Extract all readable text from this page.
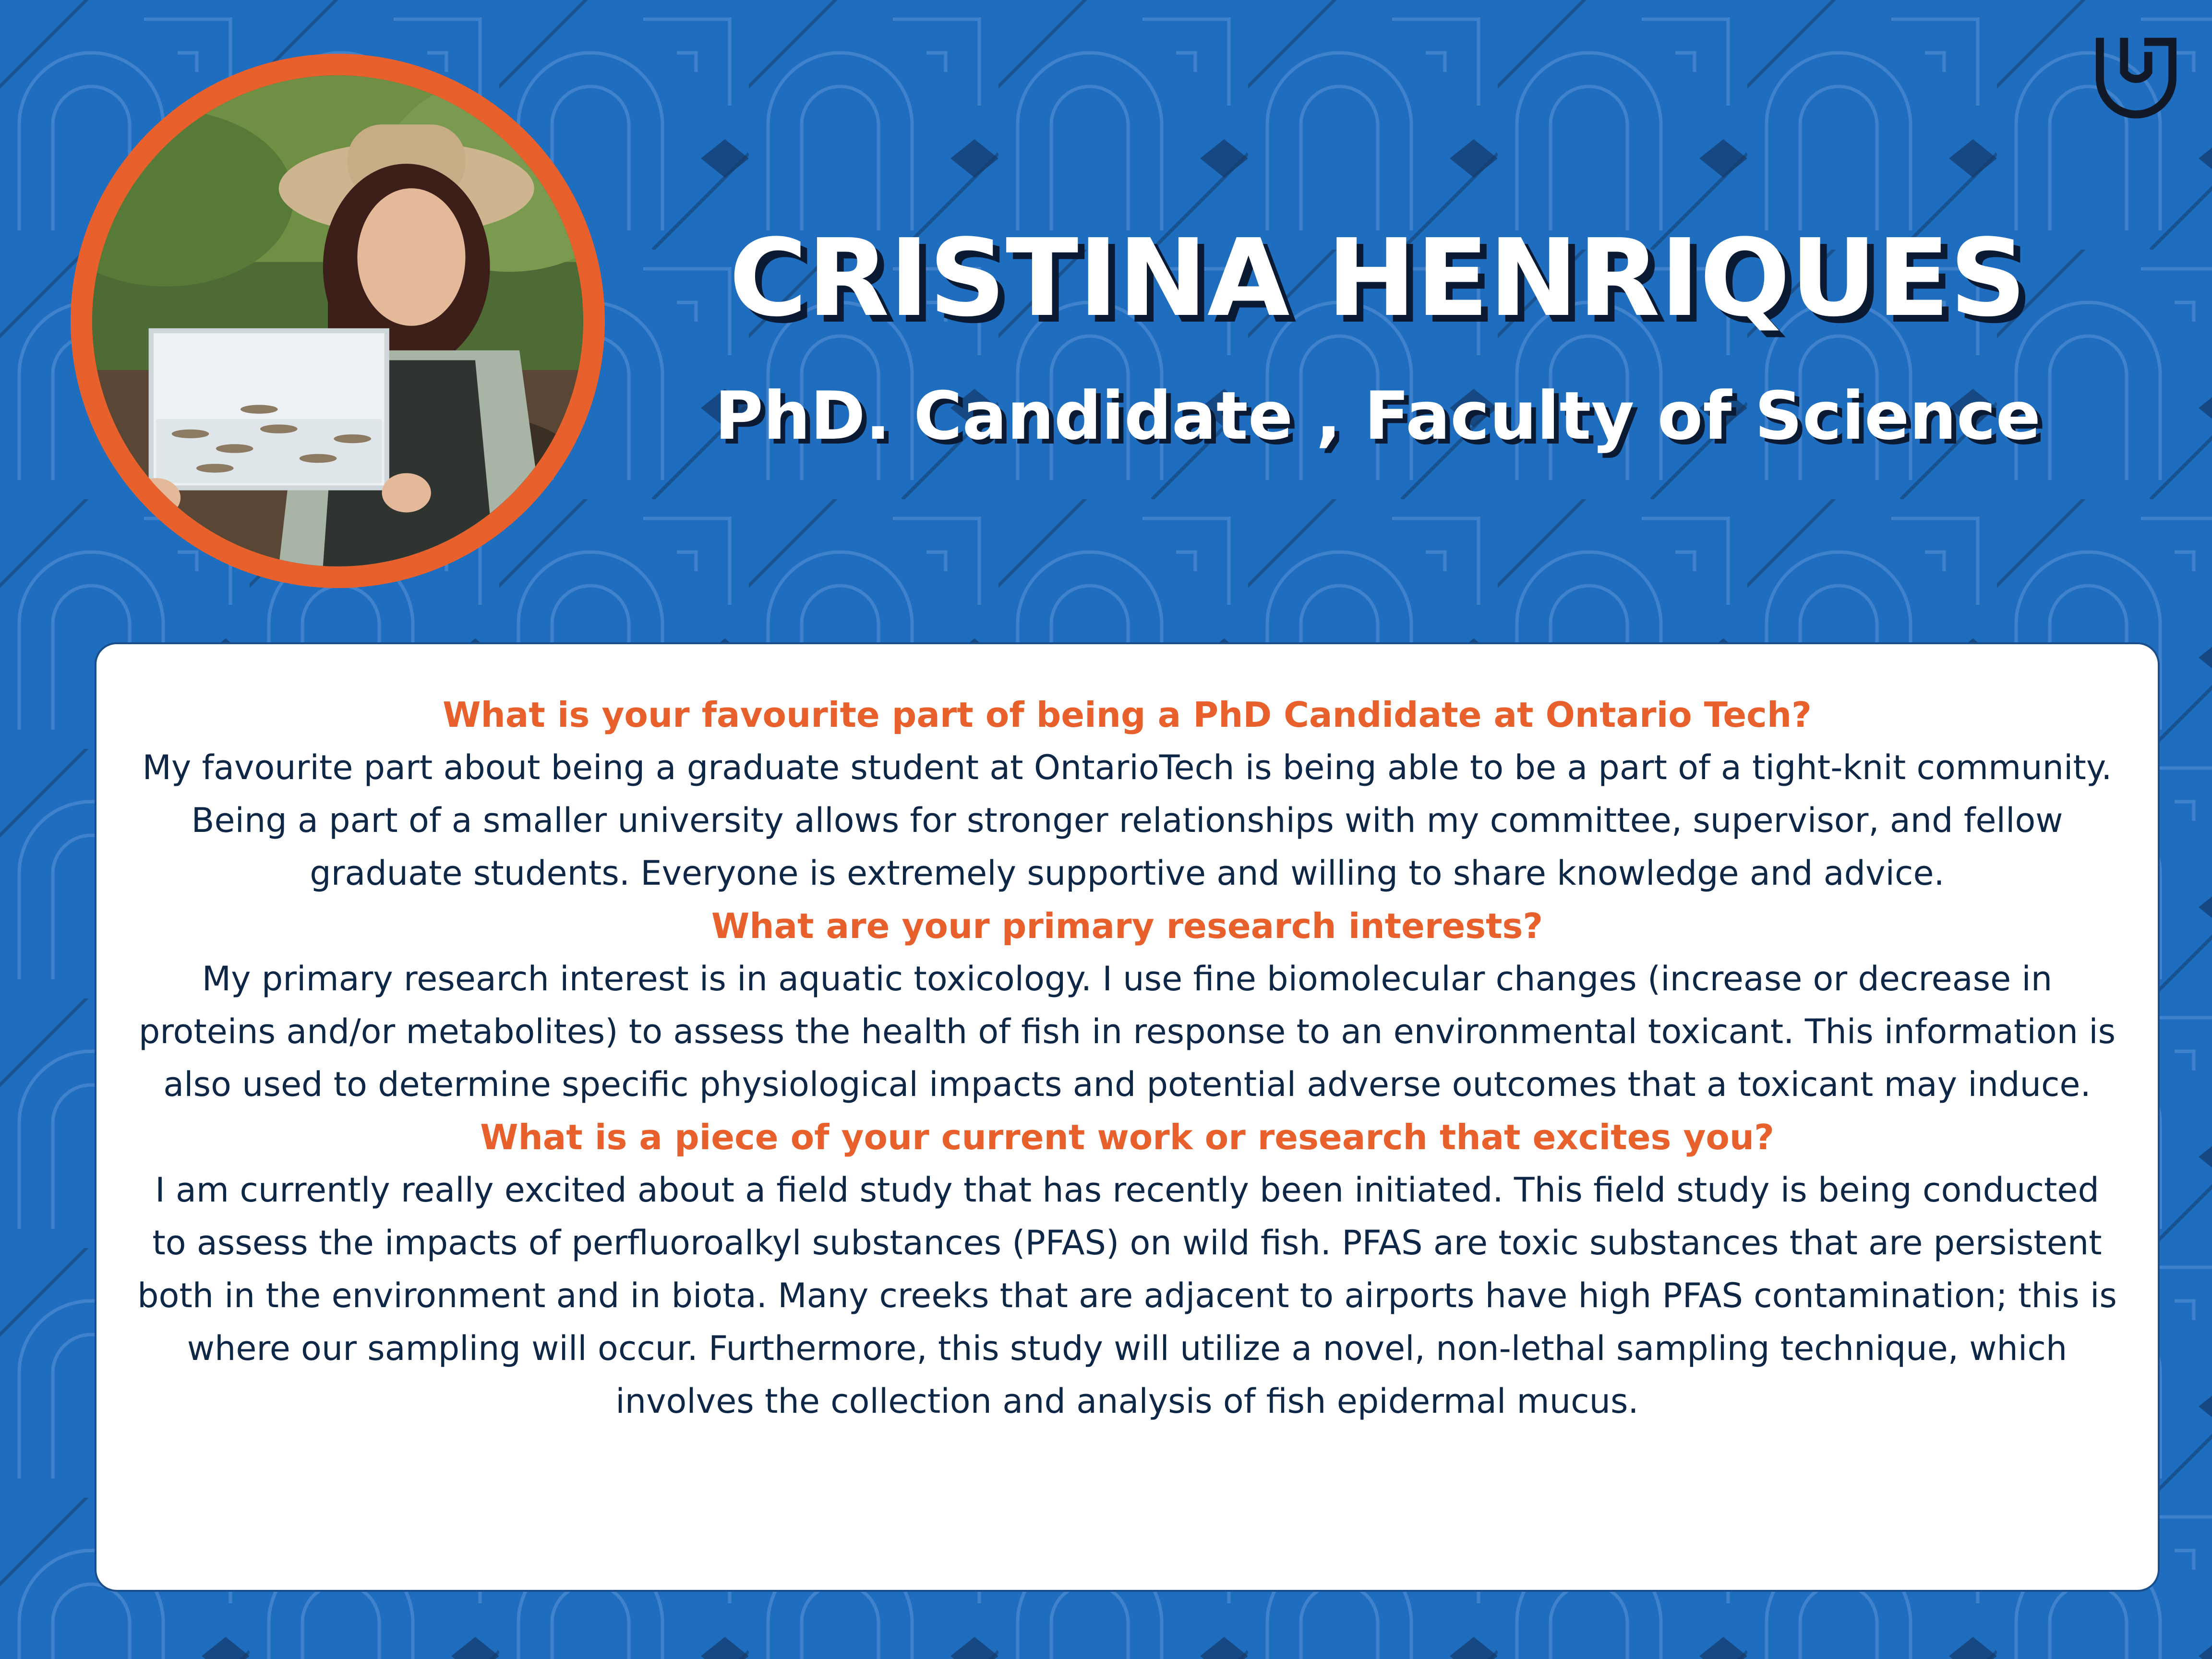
CRISTINA HENRIQUES
PhD. Candidate , Faculty of Science

What is your favourite part of being a PhD Candidate at Ontario Tech?

My favourite part about being a graduate student at OntarioTech is being able to be a part of a tight-knit community. Being a part of a smaller university allows for stronger relationships with my committee, supervisor, and fellow graduate students. Everyone is extremely supportive and willing to share knowledge and advice.

What are your primary research interests?

My primary research interest is in aquatic toxicology. I use fine biomolecular changes (increase or decrease in proteins and/or metabolites) to assess the health of fish in response to an environmental toxicant. This information is also used to determine specific physiological impacts and potential adverse outcomes that a toxicant may induce.

What is a piece of your current work or research that excites you?

I am currently really excited about a field study that has recently been initiated. This field study is being conducted to assess the impacts of perfluoroalkyl substances (PFAS) on wild fish. PFAS are toxic substances that are persistent both in the environment and in biota. Many creeks that are adjacent to airports have high PFAS contamination; this is where our sampling will occur. Furthermore, this study will utilize a novel, non-lethal sampling technique, which involves the collection and analysis of fish epidermal mucus.
